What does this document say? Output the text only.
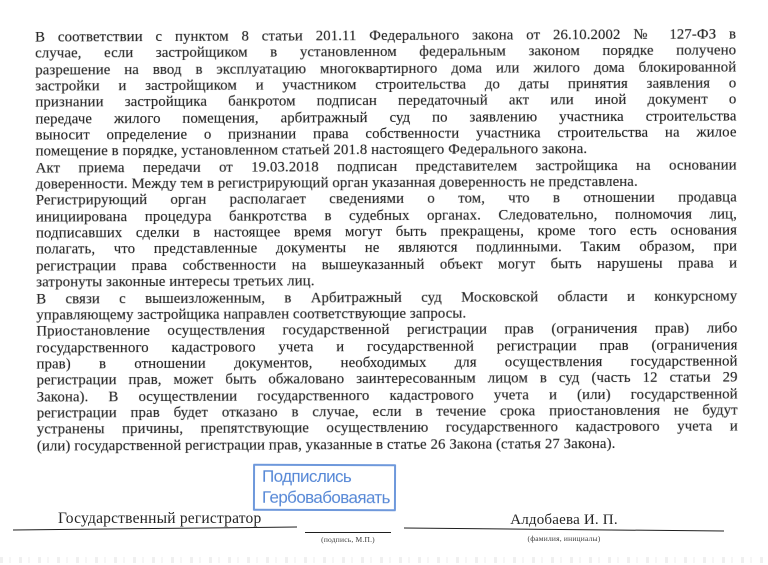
В соответствии с пунктом 8 статьи 201.11 Федерального закона от 26.10.2002 № 127-ФЗ в
случае, если застройщиком в установленном федеральным законом порядке получено
разрешение на ввод в эксплуатацию многоквартирного дома или жилого дома блокированной
застройки и застройщиком и участником строительства до даты принятия заявления о
признании застройщика банкротом подписан передаточный акт или иной документ о
передаче жилого помещения, арбитражный суд по заявлению участника строительства
выносит определение о признании права собственности участника строительства на жилое
помещение в порядке, установленном статьей 201.8 настоящего Федерального закона.
Акт приема передачи от 19.03.2018 подписан представителем застройщика на основании
доверенности. Между тем в регистрирующий орган указанная доверенность не представлена.
Регистрирующий орган располагает сведениями о том, что в отношении продавца
инициирована процедура банкротства в судебных органах. Следовательно, полномочия лиц,
подписавших сделки в настоящее время могут быть прекращены, кроме того есть основания
полагать, что представленные документы не являются подлинными. Таким образом, при
регистрации права собственности на вышеуказанный объект могут быть нарушены права и
затронуты законные интересы третьих лиц.
В связи с вышеизложенным, в Арбитражный суд Московской области и конкурсному
управляющему застройщика направлен соответствующие запросы.
Приостановление осуществления государственной регистрации прав (ограничения прав) либо
государственного кадастрового учета и государственной регистрации прав (ограничения
прав) в отношении документов, необходимых для осуществления государственной
регистрации прав, может быть обжаловано заинтересованным лицом в суд (часть 12 статьи 29
Закона). В осуществлении государственного кадастрового учета и (или) государственной
регистрации прав будет отказано в случае, если в течение срока приостановления не будут
устранены причины, препятствующие осуществлению государственного кадастрового учета и
(или) государственной регистрации прав, указанные в статье 26 Закона (статья 27 Закона).
Подпислись
Гербовабоваяать
Государственный регистратор	Алдобаева И. П.
(подпись, М.П.)	(фамилия, инициалы)
